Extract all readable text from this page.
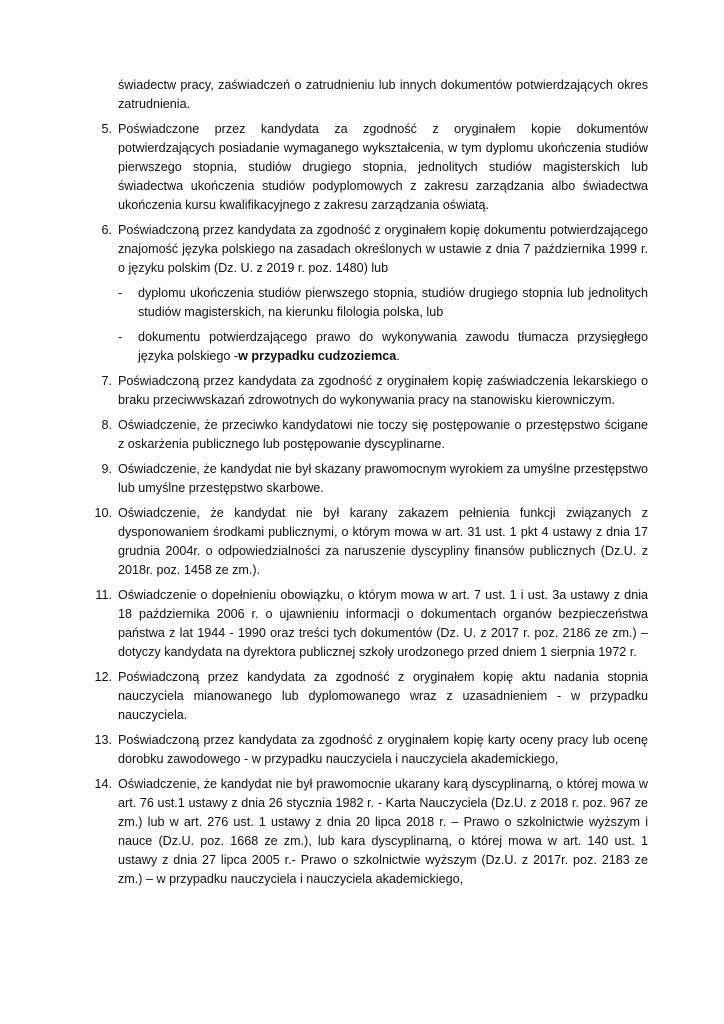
świadectw pracy, zaświadczeń o zatrudnieniu lub innych dokumentów potwierdzających okres zatrudnienia.

5. Poświadczone przez kandydata za zgodność z oryginałem kopie dokumentów potwierdzających posiadanie wymaganego wykształcenia, w tym dyplomu ukończenia studiów pierwszego stopnia, studiów drugiego stopnia, jednolitych studiów magisterskich lub świadectwa ukończenia studiów podyplomowych z zakresu zarządzania albo świadectwa ukończenia kursu kwalifikacyjnego z zakresu zarządzania oświatą.
6. Poświadczoną przez kandydata za zgodność z oryginałem kopię dokumentu potwierdzającego znajomość języka polskiego na zasadach określonych w ustawie z dnia 7 października 1999 r. o języku polskim (Dz. U. z 2019 r. poz. 1480) lub
- dyplomu ukończenia studiów pierwszego stopnia, studiów drugiego stopnia lub jednolitych studiów magisterskich, na kierunku filologia polska, lub
- dokumentu potwierdzającego prawo do wykonywania zawodu tłumacza przysięgłego języka polskiego -w przypadku cudzoziemca.
7. Poświadczoną przez kandydata za zgodność z oryginałem kopię zaświadczenia lekarskiego o braku przeciwwskazań zdrowotnych do wykonywania pracy na stanowisku kierowniczym.
8. Oświadczenie, że przeciwko kandydatowi nie toczy się postępowanie o przestępstwo ścigane z oskarżenia publicznego lub postępowanie dyscyplinarne.
9. Oświadczenie, że kandydat nie był skazany prawomocnym wyrokiem za umyślne przestępstwo lub umyślne przestępstwo skarbowe.
10. Oświadczenie, że kandydat nie był karany zakazem pełnienia funkcji związanych z dysponowaniem środkami publicznymi, o którym mowa w art. 31 ust. 1 pkt 4 ustawy z dnia 17 grudnia 2004r. o odpowiedzialności za naruszenie dyscypliny finansów publicznych (Dz.U. z 2018r. poz. 1458 ze zm.).
11. Oświadczenie o dopełnieniu obowiązku, o którym mowa w art. 7 ust. 1 i ust. 3a ustawy z dnia 18 października 2006 r. o ujawnieniu informacji o dokumentach organów bezpieczeństwa państwa z lat 1944 - 1990 oraz treści tych dokumentów (Dz. U. z 2017 r. poz. 2186 ze zm.) – dotyczy kandydata na dyrektora publicznej szkoły urodzonego przed dniem 1 sierpnia 1972 r.
12. Poświadczoną przez kandydata za zgodność z oryginałem kopię aktu nadania stopnia nauczyciela mianowanego lub dyplomowanego wraz z uzasadnieniem - w przypadku nauczyciela.
13. Poświadczoną przez kandydata za zgodność z oryginałem kopię karty oceny pracy lub ocenę dorobku zawodowego - w przypadku nauczyciela i nauczyciela akademickiego,
14. Oświadczenie, że kandydat nie był prawomocnie ukarany karą dyscyplinarną, o której mowa w art. 76 ust.1 ustawy z dnia 26 stycznia 1982 r. - Karta Nauczyciela (Dz.U. z 2018 r. poz. 967 ze zm.) lub w art. 276 ust. 1 ustawy z dnia 20 lipca 2018 r. – Prawo o szkolnictwie wyższym i nauce (Dz.U. poz. 1668 ze zm.), lub kara dyscyplinarną, o której mowa w art. 140 ust. 1 ustawy z dnia 27 lipca 2005 r.- Prawo o szkolnictwie wyższym (Dz.U. z 2017r. poz. 2183 ze zm.) – w przypadku nauczyciela i nauczyciela akademickiego,
